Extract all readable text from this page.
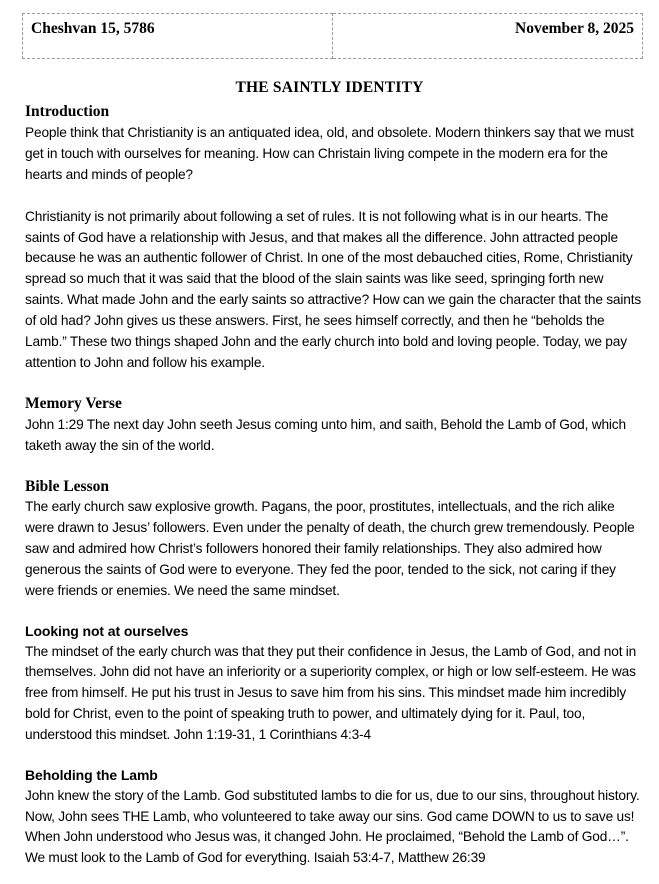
Cheshvan 15, 5786	November 8, 2025
THE SAINTLY IDENTITY
Introduction

People think that Christianity is an antiquated idea, old, and obsolete. Modern thinkers say that we must get in touch with ourselves for meaning. How can Christain living compete in the modern era for the hearts and minds of people?

Christianity is not primarily about following a set of rules. It is not following what is in our hearts. The saints of God have a relationship with Jesus, and that makes all the difference. John attracted people because he was an authentic follower of Christ. In one of the most debauched cities, Rome, Christianity spread so much that it was said that the blood of the slain saints was like seed, springing forth new saints. What made John and the early saints so attractive? How can we gain the character that the saints of old had? John gives us these answers. First, he sees himself correctly, and then he “beholds the Lamb.” These two things shaped John and the early church into bold and loving people. Today, we pay attention to John and follow his example.

Memory Verse

John 1:29 The next day John seeth Jesus coming unto him, and saith, Behold the Lamb of God, which taketh away the sin of the world.

Bible Lesson

The early church saw explosive growth. Pagans, the poor, prostitutes, intellectuals, and the rich alike were drawn to Jesus’ followers. Even under the penalty of death, the church grew tremendously. People saw and admired how Christ’s followers honored their family relationships. They also admired how generous the saints of God were to everyone. They fed the poor, tended to the sick, not caring if they were friends or enemies. We need the same mindset.

Looking not at ourselves

The mindset of the early church was that they put their confidence in Jesus, the Lamb of God, and not in themselves. John did not have an inferiority or a superiority complex, or high or low self-esteem. He was free from himself. He put his trust in Jesus to save him from his sins. This mindset made him incredibly bold for Christ, even to the point of speaking truth to power, and ultimately dying for it. Paul, too, understood this mindset. John 1:19-31, 1 Corinthians 4:3-4

Beholding the Lamb

John knew the story of the Lamb. God substituted lambs to die for us, due to our sins, throughout history. Now, John sees THE Lamb, who volunteered to take away our sins. God came DOWN to us to save us! When John understood who Jesus was, it changed John. He proclaimed, “Behold the Lamb of God…”. We must look to the Lamb of God for everything. Isaiah 53:4-7, Matthew 26:39
